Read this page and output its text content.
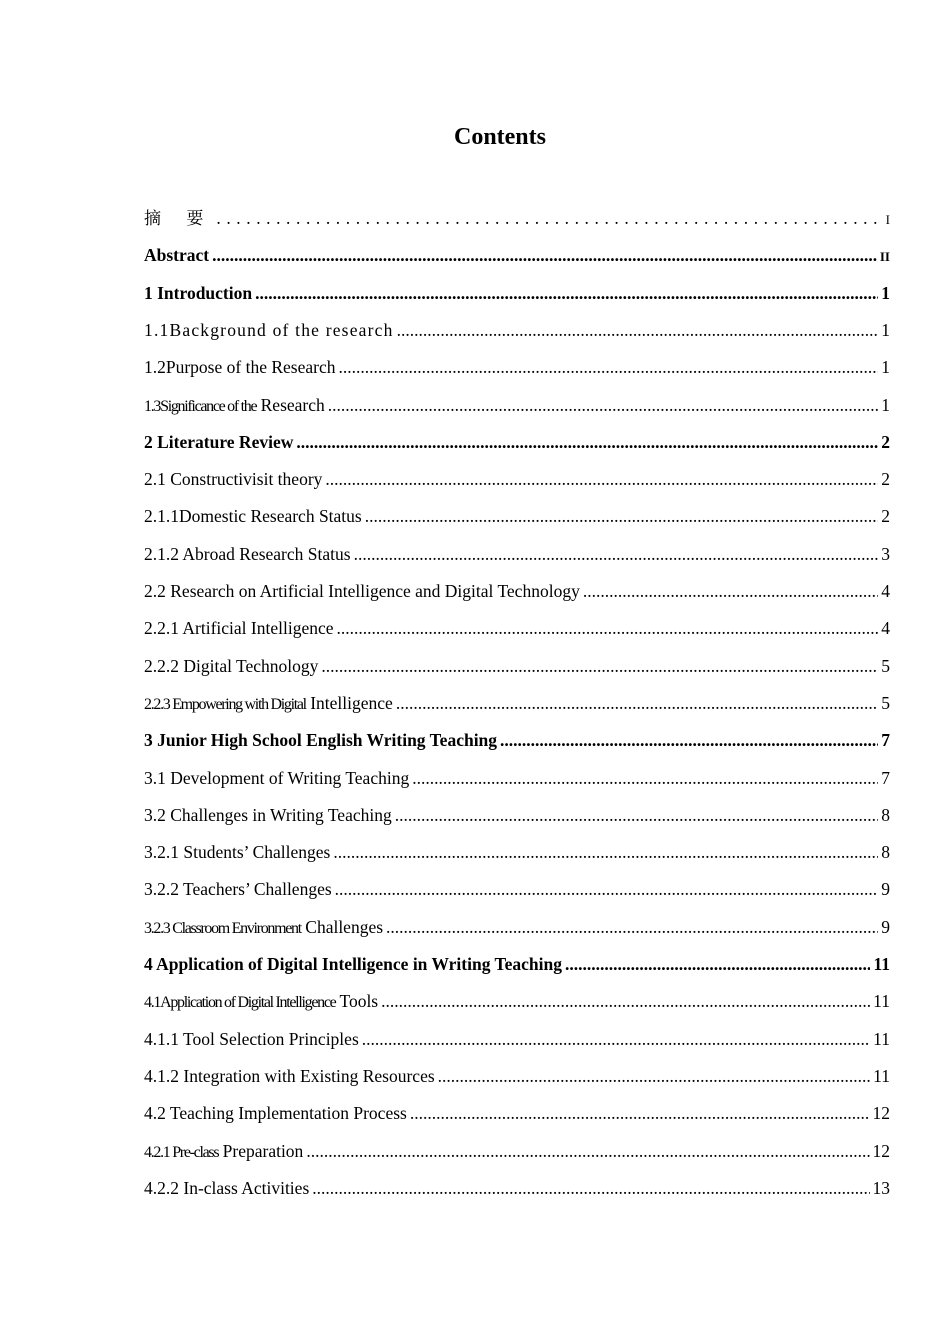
Contents
摘 要 . . .	I
Abstract .....	II
1 Introduction .....	1
1.1Background of the research .....	1
1.2Purpose of the Research .....	1
1.3Significance of the Research .....	1
2 Literature Review .....	2
2.1 Constructivisit theory .....	2
2.1.1Domestic Research Status .....	2
2.1.2 Abroad Research Status .....	3
2.2 Research on Artificial Intelligence and Digital Technology .....	4
2.2.1 Artificial Intelligence .....	4
2.2.2 Digital Technology .....	5
2.2.3 Empowering with Digital Intelligence .....	5
3 Junior High School English Writing Teaching .....	7
3.1 Development of Writing Teaching .....	7
3.2 Challenges in Writing Teaching .....	8
3.2.1 Students’ Challenges .....	8
3.2.2 Teachers’ Challenges .....	9
3.2.3 Classroom Environment Challenges .....	9
4 Application of Digital Intelligence in Writing Teaching .....	11
4.1Application of Digital Intelligence Tools .....	11
4.1.1 Tool Selection Principles .....	11
4.1.2 Integration with Existing Resources .....	11
4.2 Teaching Implementation Process .....	12
4.2.1 Pre-class Preparation .....	12
4.2.2 In-class Activities .....	13
